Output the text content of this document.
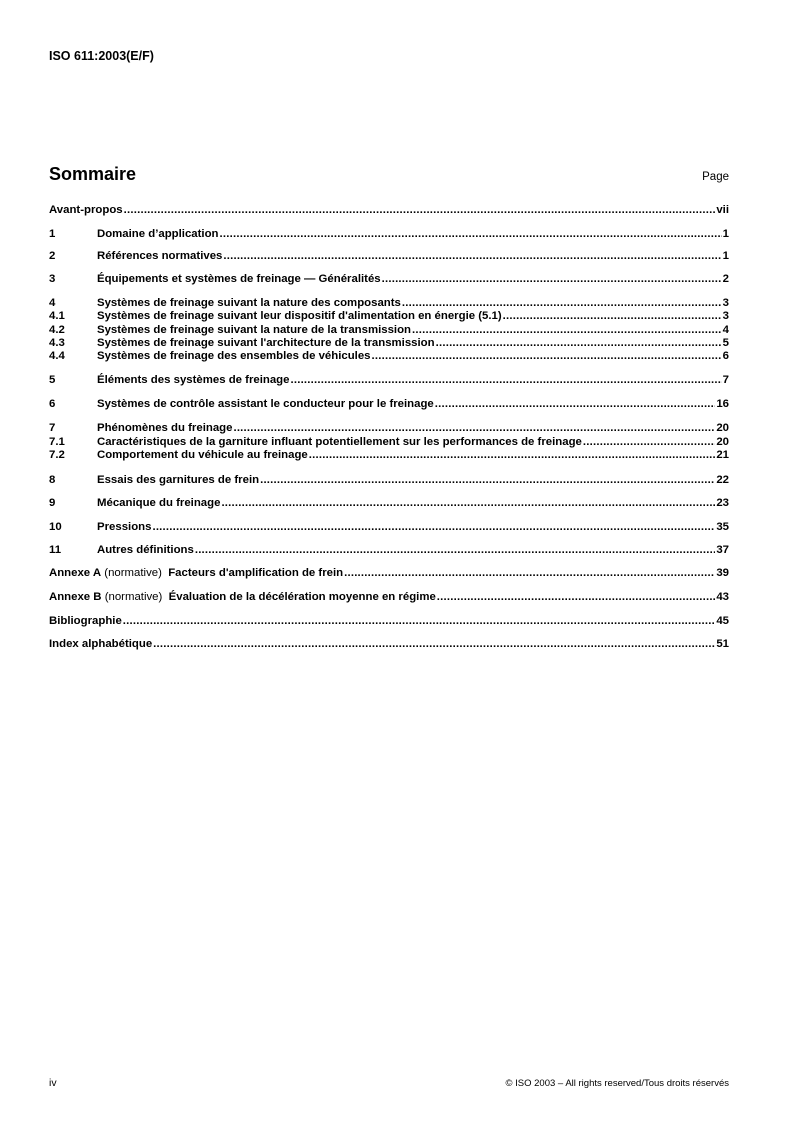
ISO 611:2003(E/F)
Sommaire	Page
Avant-propos .....	vii
1	Domaine d’application .....	1
2	Références normatives .....	1
3	Équipements et systèmes de freinage — Généralités .....	2
4	Systèmes de freinage suivant la nature des composants .....	3
4.1	Systèmes de freinage suivant leur dispositif d'alimentation en énergie (5.1) .....	3
4.2	Systèmes de freinage suivant la nature de la transmission .....	4
4.3	Systèmes de freinage suivant l'architecture de la transmission .....	5
4.4	Systèmes de freinage des ensembles de véhicules .....	6
5	Éléments des systèmes de freinage .....	7
6	Systèmes de contrôle assistant le conducteur pour le freinage .....	16
7	Phénomènes du freinage .....	20
7.1	Caractéristiques de la garniture influant potentiellement sur les performances de freinage .....	20
7.2	Comportement du véhicule au freinage .....	21
8	Essais des garnitures de frein .....	22
9	Mécanique du freinage .....	23
10	Pressions .....	35
11	Autres définitions .....	37
Annexe A (normative) Facteurs d'amplification de frein .....	39
Annexe B (normative) Évaluation de la décélération moyenne en régime .....	43
Bibliographie .....	45
Index alphabétique .....	51
iv	© ISO 2003 – All rights reserved/Tous droits réservés
